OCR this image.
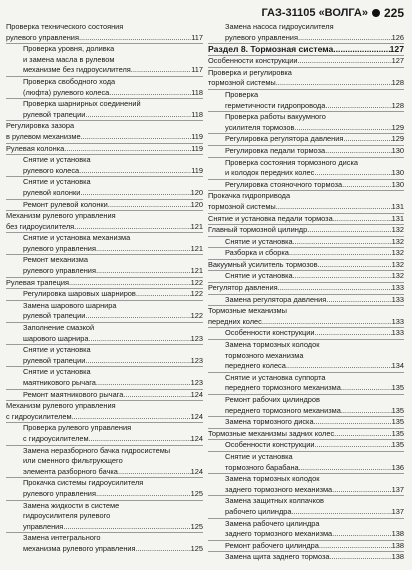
ГАЗ-31105 «ВОЛГА» 225
Проверка технического состояния
рулевого управления .....	117
Проверка уровня, доливка
и замена масла в рулевом
механизме без гидроусилителя .....	117
Проверка свободного хода
(люфта) рулевого колеса .....	118
Проверка шарнирных соединений
рулевой трапеции .....	118
Регулировка зазора
в рулевом механизме .....	119
Рулевая колонка .....	119
Снятие и установка
рулевого колеса .....	119
Снятие и установка
рулевой колонки .....	120
Ремонт рулевой колонки .....	120
Механизм рулевого управления
без гидроусилителя .....	121
Снятие и установка механизма
рулевого управления .....	121
Ремонт механизма
рулевого управления .....	121
Рулевая трапеция .....	122
Регулировка шаровых шарниров .....	122
Замена шарового шарнира
рулевой трапеции .....	122
Заполнение смазкой
шарового шарнира .....	123
Снятие и установка
рулевой трапеции .....	123
Снятие и установка
маятникового рычага .....	123
Ремонт маятникового рычага .....	124
Механизм рулевого управления
с гидроусилителем .....	124
Проверка рулевого управления
с гидроусилителем .....	124
Замена неразборного бачка гидросистемы
или сменного фильтрующего
элемента разборного бачка .....	124
Прокачка системы гидроусилителя
рулевого управления .....	125
Замена жидкости в системе
гидроусилителя рулевого
управления .....	125
Замена интегрального
механизма рулевого управления .....	125
Замена насоса гидроусилителя
рулевого управления .....	126
Раздел 8. Тормозная система .....	127
Особенности конструкции .....	127
Проверка и регулировка
тормозной системы .....	128
Проверка
герметичности гидропровода .....	128
Проверка работы вакуумного
усилителя тормозов .....	129
Регулировка регулятора давления .....	129
Регулировка педали тормоза .....	130
Проверка состояния тормозного диска
и колодок передних колес .....	130
Регулировка стояночного тормоза .....	130
Прокачка гидропривода
тормозной системы .....	131
Снятие и установка педали тормоза .....	131
Главный тормозной цилиндр .....	132
Снятие и установка .....	132
Разборка и сборка .....	132
Вакуумный усилитель тормозов .....	132
Снятие и установка .....	132
Регулятор давления .....	133
Замена регулятора давления .....	133
Тормозные механизмы
передних колес .....	133
Особенности конструкции .....	133
Замена тормозных колодок
тормозного механизма
переднего колеса .....	134
Снятие и установка суппорта
переднего тормозного механизма .....	135
Ремонт рабочих цилиндров
переднего тормозного механизма .....	135
Замена тормозного диска .....	135
Тормозные механизмы задних колес .....	135
Особенности конструкции .....	135
Снятие и установка
тормозного барабана .....	136
Замена тормозных колодок
заднего тормозного механизма .....	137
Замена защитных колпачков
рабочего цилиндра .....	137
Замена рабочего цилиндра
заднего тормозного механизма .....	138
Ремонт рабочего цилиндра .....	138
Замена щита заднего тормоза .....	138
